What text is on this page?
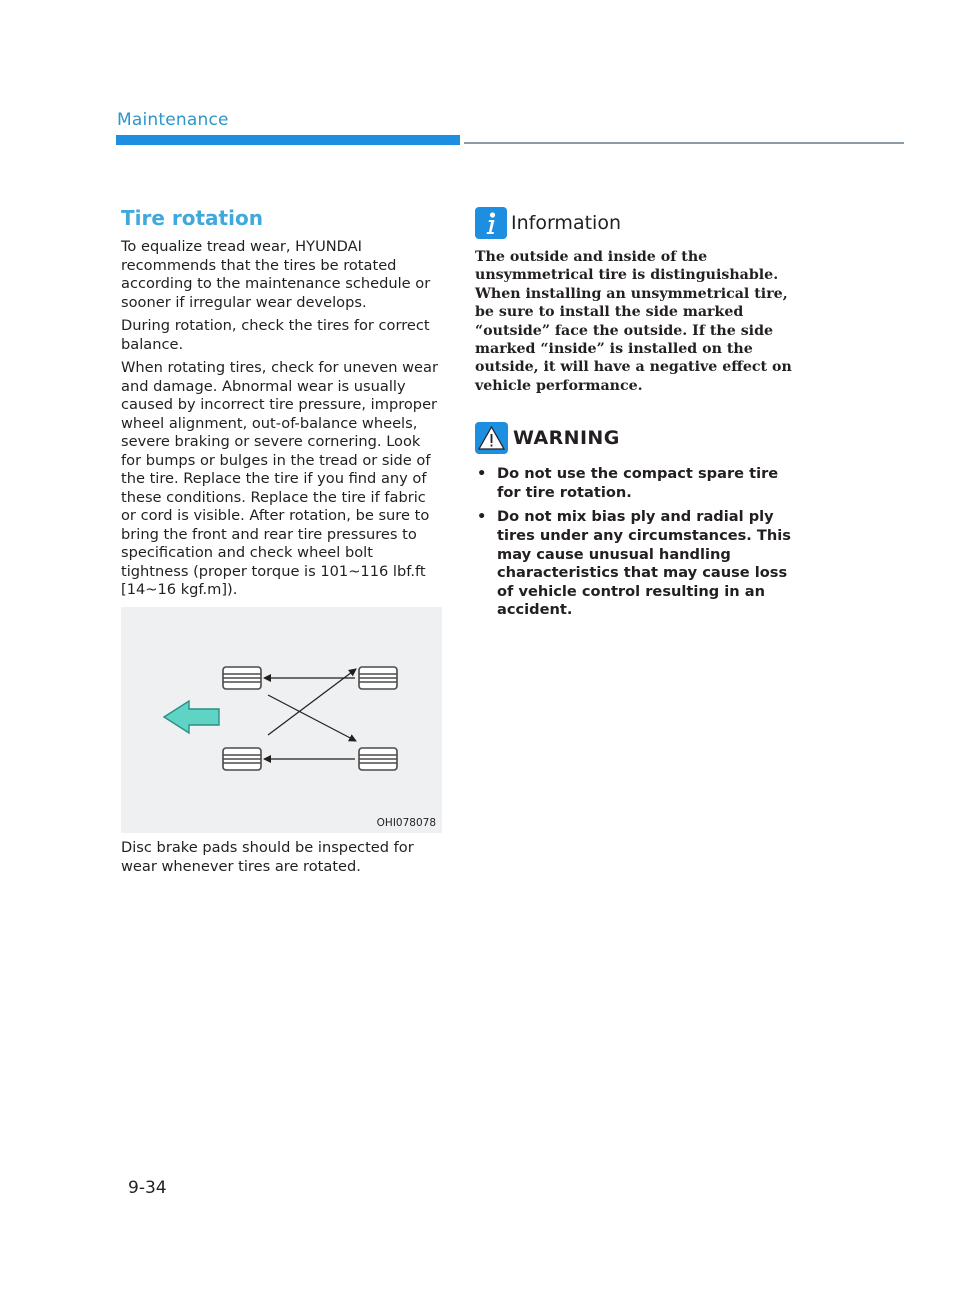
Maintenance
Tire rotation

To equalize tread wear, HYUNDAI recommends that the tires be rotated according to the maintenance schedule or sooner if irregular wear develops.

During rotation, check the tires for correct balance.

When rotating tires, check for uneven wear and damage. Abnormal wear is usually caused by incorrect tire pressure, improper wheel alignment, out-of-balance wheels, severe braking or severe cornering. Look for bumps or bulges in the tread or side of the tire. Replace the tire if you find any of these conditions. Replace the tire if fabric or cord is visible. After rotation, be sure to bring the front and rear tire pressures to specification and check wheel bolt tightness (proper torque is 101~116 lbf.ft [14~16 kgf.m]).

OHI078078

Disc brake pads should be inspected for wear whenever tires are rotated.

Information

The outside and inside of the unsymmetrical tire is distinguishable. When installing an unsymmetrical tire, be sure to install the side marked “outside” face the outside. If the side marked “inside” is installed on the outside, it will have a negative effect on vehicle performance.

WARNING
• Do not use the compact spare tire for tire rotation.
• Do not mix bias ply and radial ply tires under any circumstances. This may cause unusual handling characteristics that may cause loss of vehicle control resulting in an accident.
9-34
